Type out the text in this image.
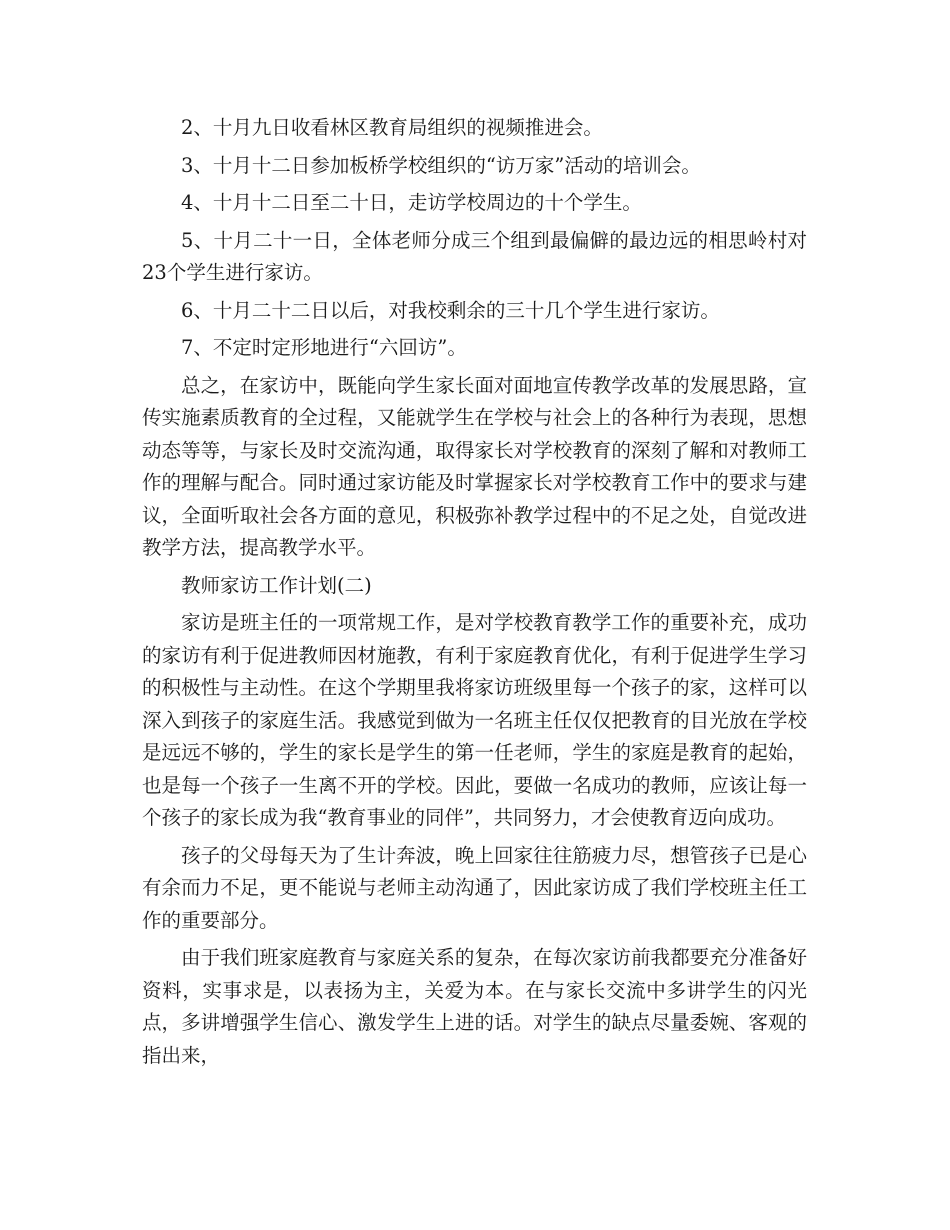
2、十月九日收看林区教育局组织的视频推进会。

3、十月十二日参加板桥学校组织的“访万家”活动的培训会。

4、十月十二日至二十日，走访学校周边的十个学生。

5、十月二十一日，全体老师分成三个组到最偏僻的最边远的相思岭村对23个学生进行家访。

6、十月二十二日以后，对我校剩余的三十几个学生进行家访。

7、不定时定形地进行“六回访”。

总之，在家访中，既能向学生家长面对面地宣传教学改革的发展思路，宣传实施素质教育的全过程，又能就学生在学校与社会上的各种行为表现，思想动态等等，与家长及时交流沟通，取得家长对学校教育的深刻了解和对教师工作的理解与配合。同时通过家访能及时掌握家长对学校教育工作中的要求与建议，全面听取社会各方面的意见，积极弥补教学过程中的不足之处，自觉改进教学方法，提高教学水平。

教师家访工作计划(二)

家访是班主任的一项常规工作，是对学校教育教学工作的重要补充，成功的家访有利于促进教师因材施教，有利于家庭教育优化，有利于促进学生学习的积极性与主动性。在这个学期里我将家访班级里每一个孩子的家，这样可以深入到孩子的家庭生活。我感觉到做为一名班主任仅仅把教育的目光放在学校是远远不够的，学生的家长是学生的第一任老师，学生的家庭是教育的起始，也是每一个孩子一生离不开的学校。因此，要做一名成功的教师，应该让每一个孩子的家长成为我“教育事业的同伴”，共同努力，才会使教育迈向成功。

孩子的父母每天为了生计奔波，晚上回家往往筋疲力尽，想管孩子已是心有余而力不足，更不能说与老师主动沟通了，因此家访成了我们学校班主任工作的重要部分。

由于我们班家庭教育与家庭关系的复杂，在每次家访前我都要充分准备好资料，实事求是，以表扬为主，关爱为本。在与家长交流中多讲学生的闪光点，多讲增强学生信心、激发学生上进的话。对学生的缺点尽量委婉、客观的指出来，
